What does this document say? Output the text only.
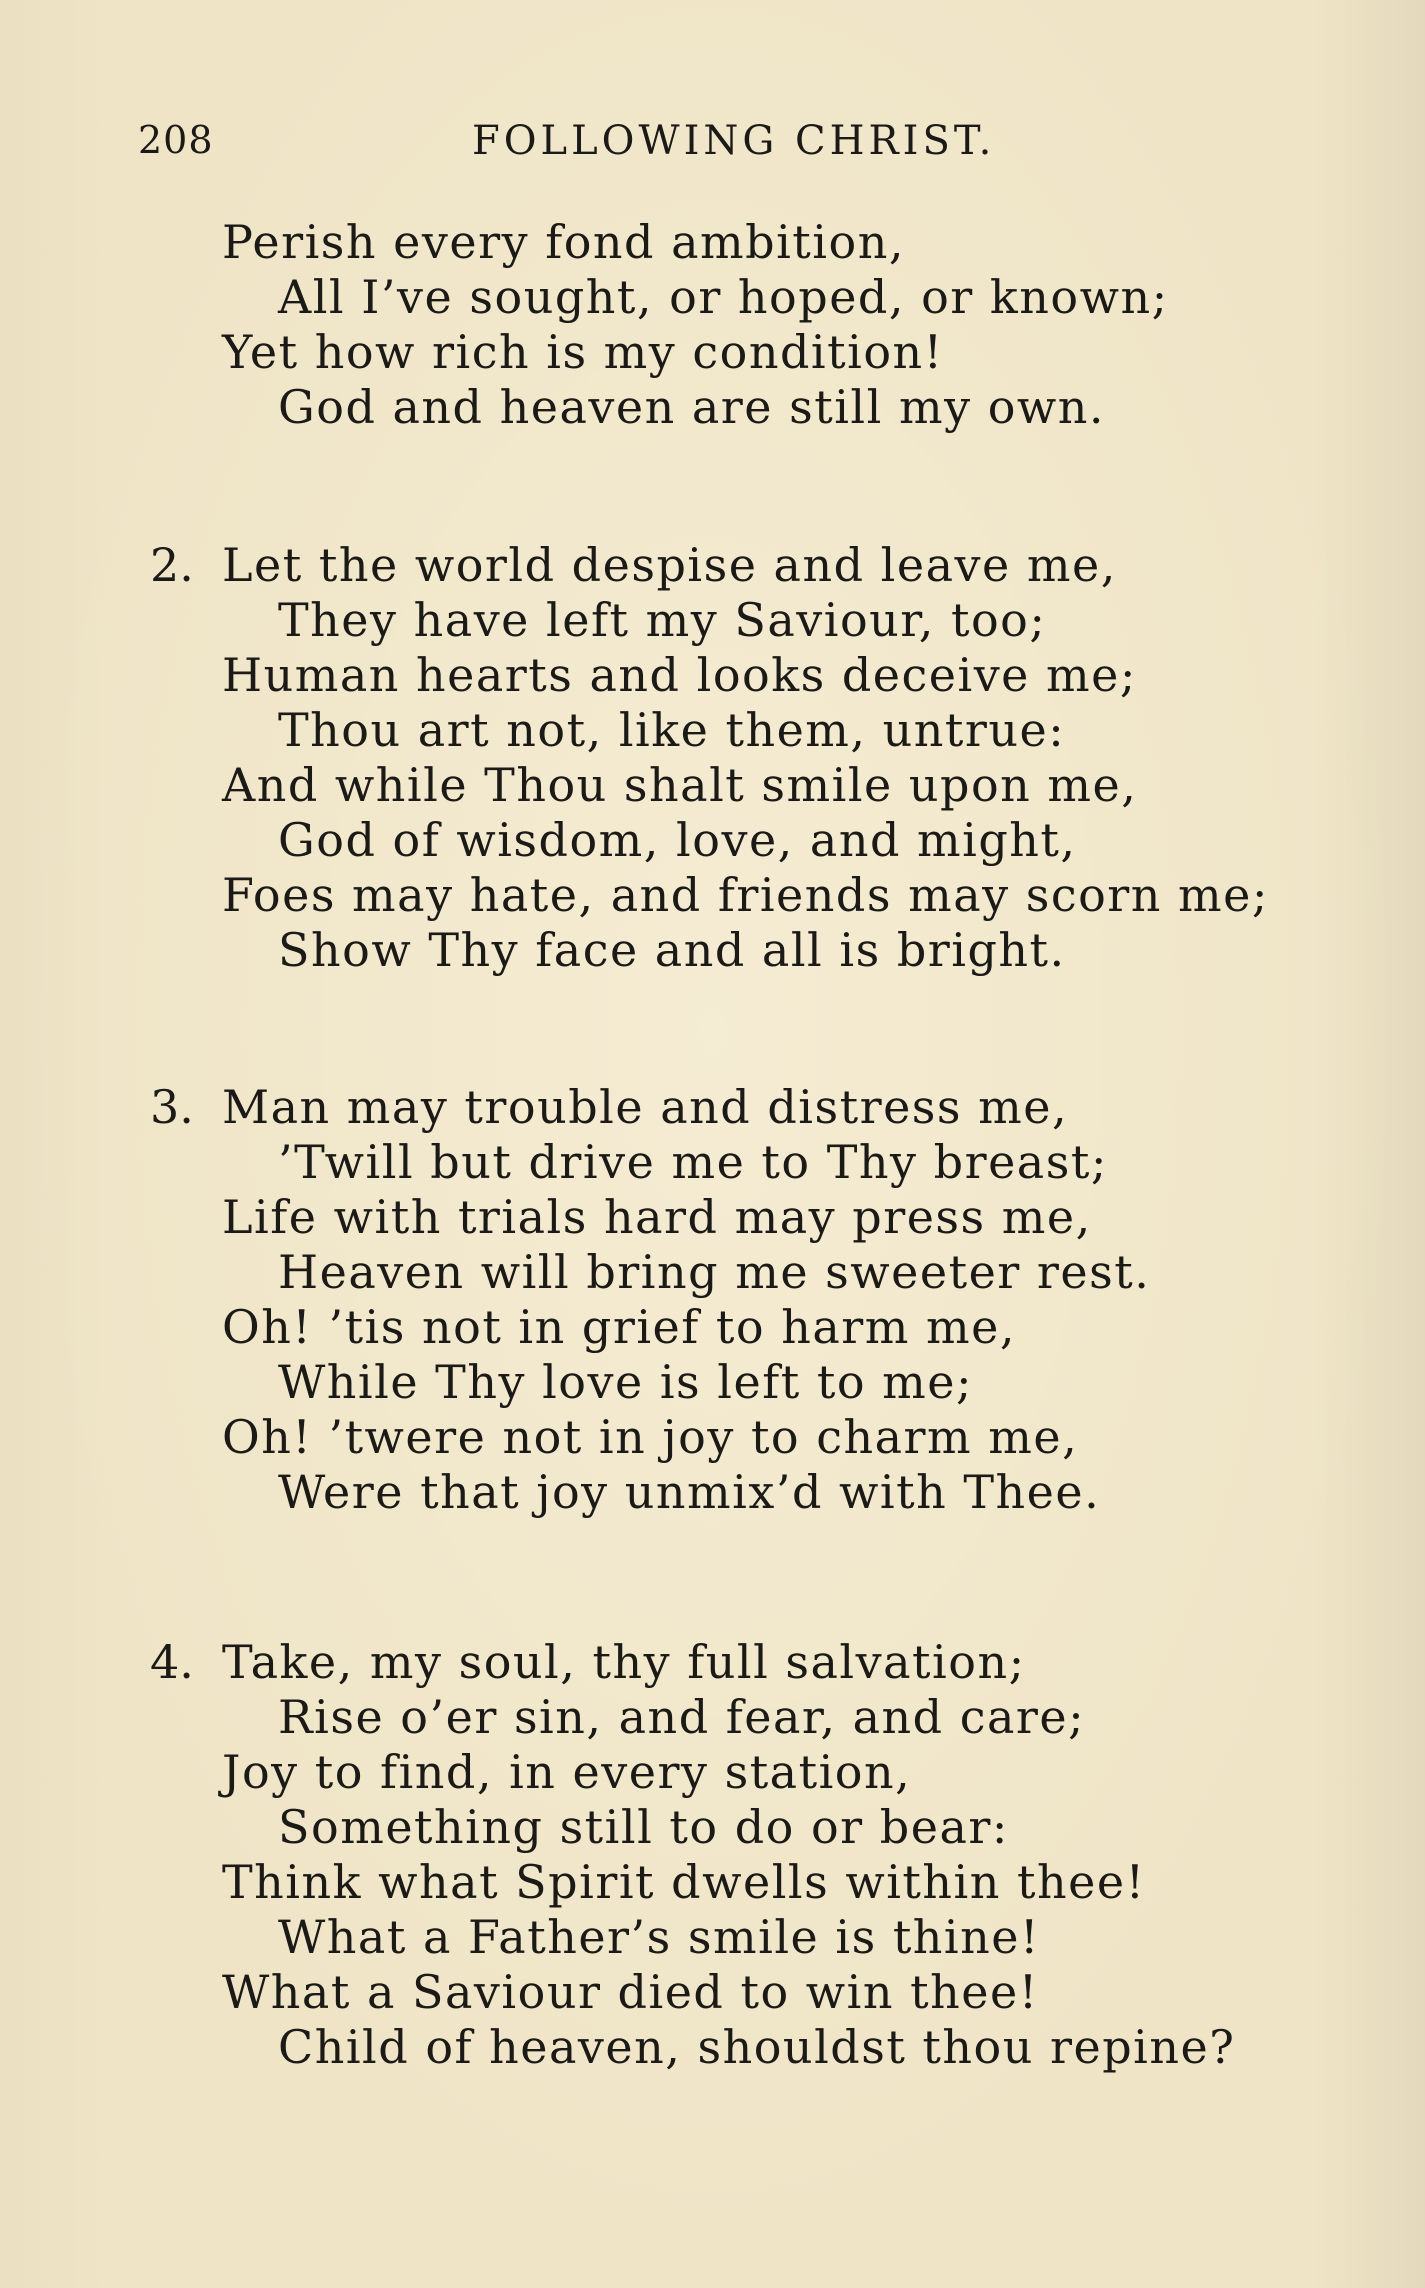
208	FOLLOWING CHRIST.
Perish every fond ambition,
All I’ve sought, or hoped, or known;
Yet how rich is my condition!
God and heaven are still my own.
2. Let the world despise and leave me,
They have left my Saviour, too;
Human hearts and looks deceive me;
Thou art not, like them, untrue:
And while Thou shalt smile upon me,
God of wisdom, love, and might,
Foes may hate, and friends may scorn me;
Show Thy face and all is bright.
3. Man may trouble and distress me,
’Twill but drive me to Thy breast;
Life with trials hard may press me,
Heaven will bring me sweeter rest.
Oh! ’tis not in grief to harm me,
While Thy love is left to me;
Oh! ’twere not in joy to charm me,
Were that joy unmix’d with Thee.
4. Take, my soul, thy full salvation;
Rise o’er sin, and fear, and care;
Joy to find, in every station,
Something still to do or bear:
Think what Spirit dwells within thee!
What a Father’s smile is thine!
What a Saviour died to win thee!
Child of heaven, shouldst thou repine?
